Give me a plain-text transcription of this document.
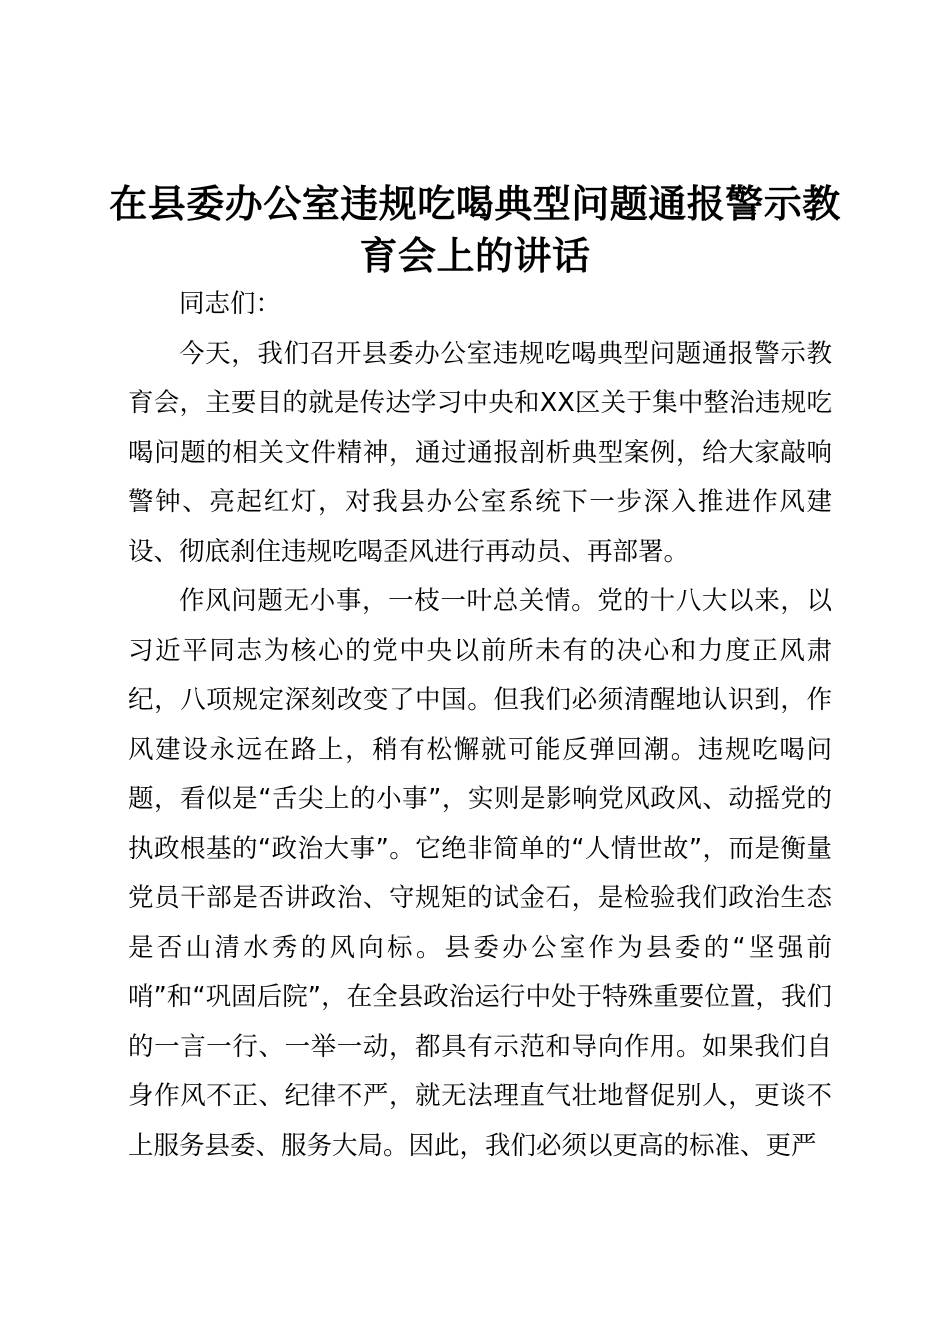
在县委办公室违规吃喝典型问题通报警示教育会上的讲话

同志们：

今天，我们召开县委办公室违规吃喝典型问题通报警示教育会，主要目的就是传达学习中央和XX区关于集中整治违规吃喝问题的相关文件精神，通过通报剖析典型案例，给大家敲响警钟、亮起红灯，对我县办公室系统下一步深入推进作风建设、彻底刹住违规吃喝歪风进行再动员、再部署。

作风问题无小事，一枝一叶总关情。党的十八大以来，以习近平同志为核心的党中央以前所未有的决心和力度正风肃纪，八项规定深刻改变了中国。但我们必须清醒地认识到，作风建设永远在路上，稍有松懈就可能反弹回潮。违规吃喝问题，看似是“舌尖上的小事”，实则是影响党风政风、动摇党的执政根基的“政治大事”。它绝非简单的“人情世故”，而是衡量党员干部是否讲政治、守规矩的试金石，是检验我们政治生态是否山清水秀的风向标。县委办公室作为县委的“坚强前哨”和“巩固后院”，在全县政治运行中处于特殊重要位置，我们的一言一行、一举一动，都具有示范和导向作用。如果我们自身作风不正、纪律不严，就无法理直气壮地督促别人，更谈不上服务县委、服务大局。因此，我们必须以更高的标准、更严
